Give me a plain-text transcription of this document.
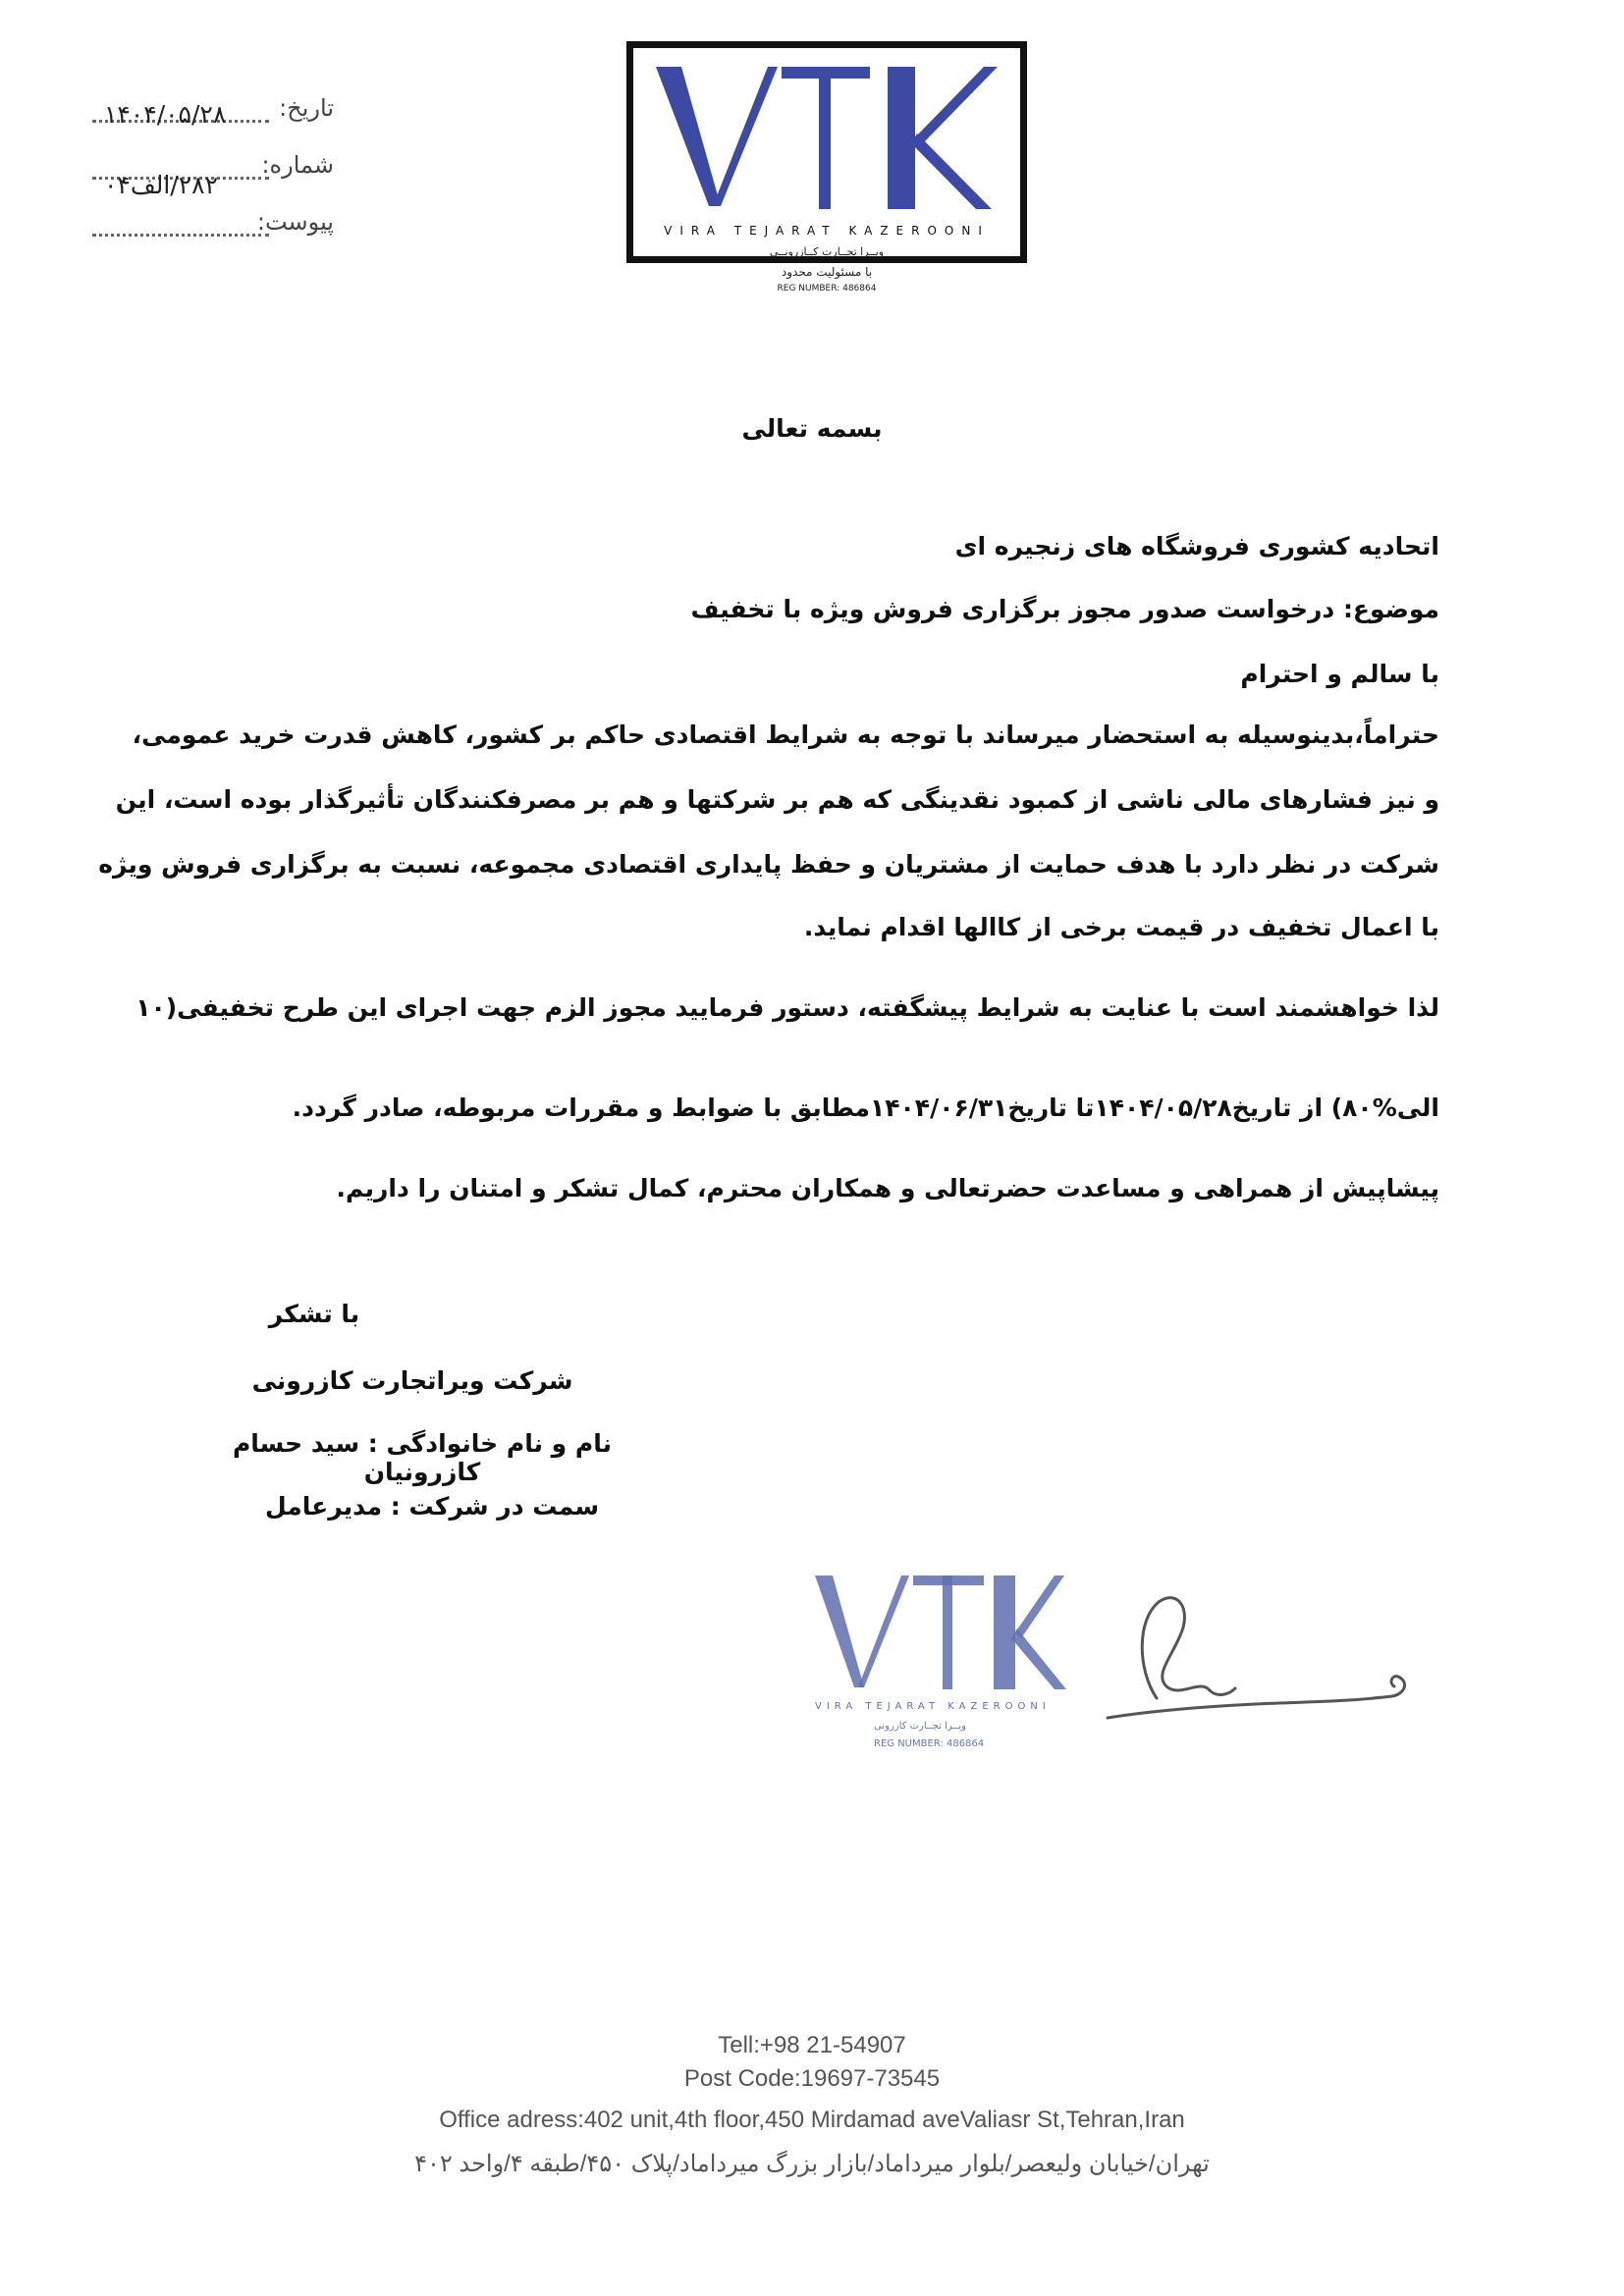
تاریخ:
۱۴۰۴/۰۵/۲۸
شماره:
۲۸۲/الف۰۴
پیوست:	VIRA TEJARAT KAZEROONI
ویــرا تجــارت کــازرونــی
با مسئولیت محدود
REG NUMBER: 486864
بسمه تعالی
اتحادیه کشوری فروشگاه های زنجیره ای
موضوع: درخواست صدور مجوز برگزاری فروش ویژه با تخفیف
با سالم و احترام
حتراماً،بدینوسیله به استحضار میرساند با توجه به شرایط اقتصادی حاکم بر کشور، کاهش قدرت خرید عمومی،
و نیز فشارهای مالی ناشی از کمبود نقدینگی که هم بر شرکتها و هم بر مصرفکنندگان تأثیرگذار بوده است، این
شرکت در نظر دارد با هدف حمایت از مشتریان و حفظ پایداری اقتصادی مجموعه، نسبت به برگزاری فروش ویژه
با اعمال تخفیف در قیمت برخی از کاالها اقدام نماید.
لذا خواهشمند است با عنایت به شرایط پیشگفته، دستور فرمایید مجوز الزم جهت اجرای این طرح تخفیفی(۱۰
الی%۸۰) از تاریخ۱۴۰۴/۰۵/۲۸تا تاریخ۱۴۰۴/۰۶/۳۱مطابق با ضوابط و مقررات مربوطه، صادر گردد.
پیشاپیش از همراهی و مساعدت حضرتعالی و همکاران محترم، کمال تشکر و امتنان را داریم.
با تشکر
شرکت ویراتجارت کازرونی
نام و نام خانوادگی : سید حسام کازرونیان
سمت در شرکت : مدیرعامل
VIRA TEJARAT KAZEROONI
ویــرا تجــارت کازرونی
REG NUMBER: 486864
Tell:+98 21-54907
Post Code:19697-73545
Office adress:402 unit,4th floor,450 Mirdamad aveValiasr St,Tehran,Iran
تهران/خیابان ولیعصر/بلوار میرداماد/بازار بزرگ میرداماد/پلاک ۴۵۰/طبقه ۴/واحد ۴۰۲
